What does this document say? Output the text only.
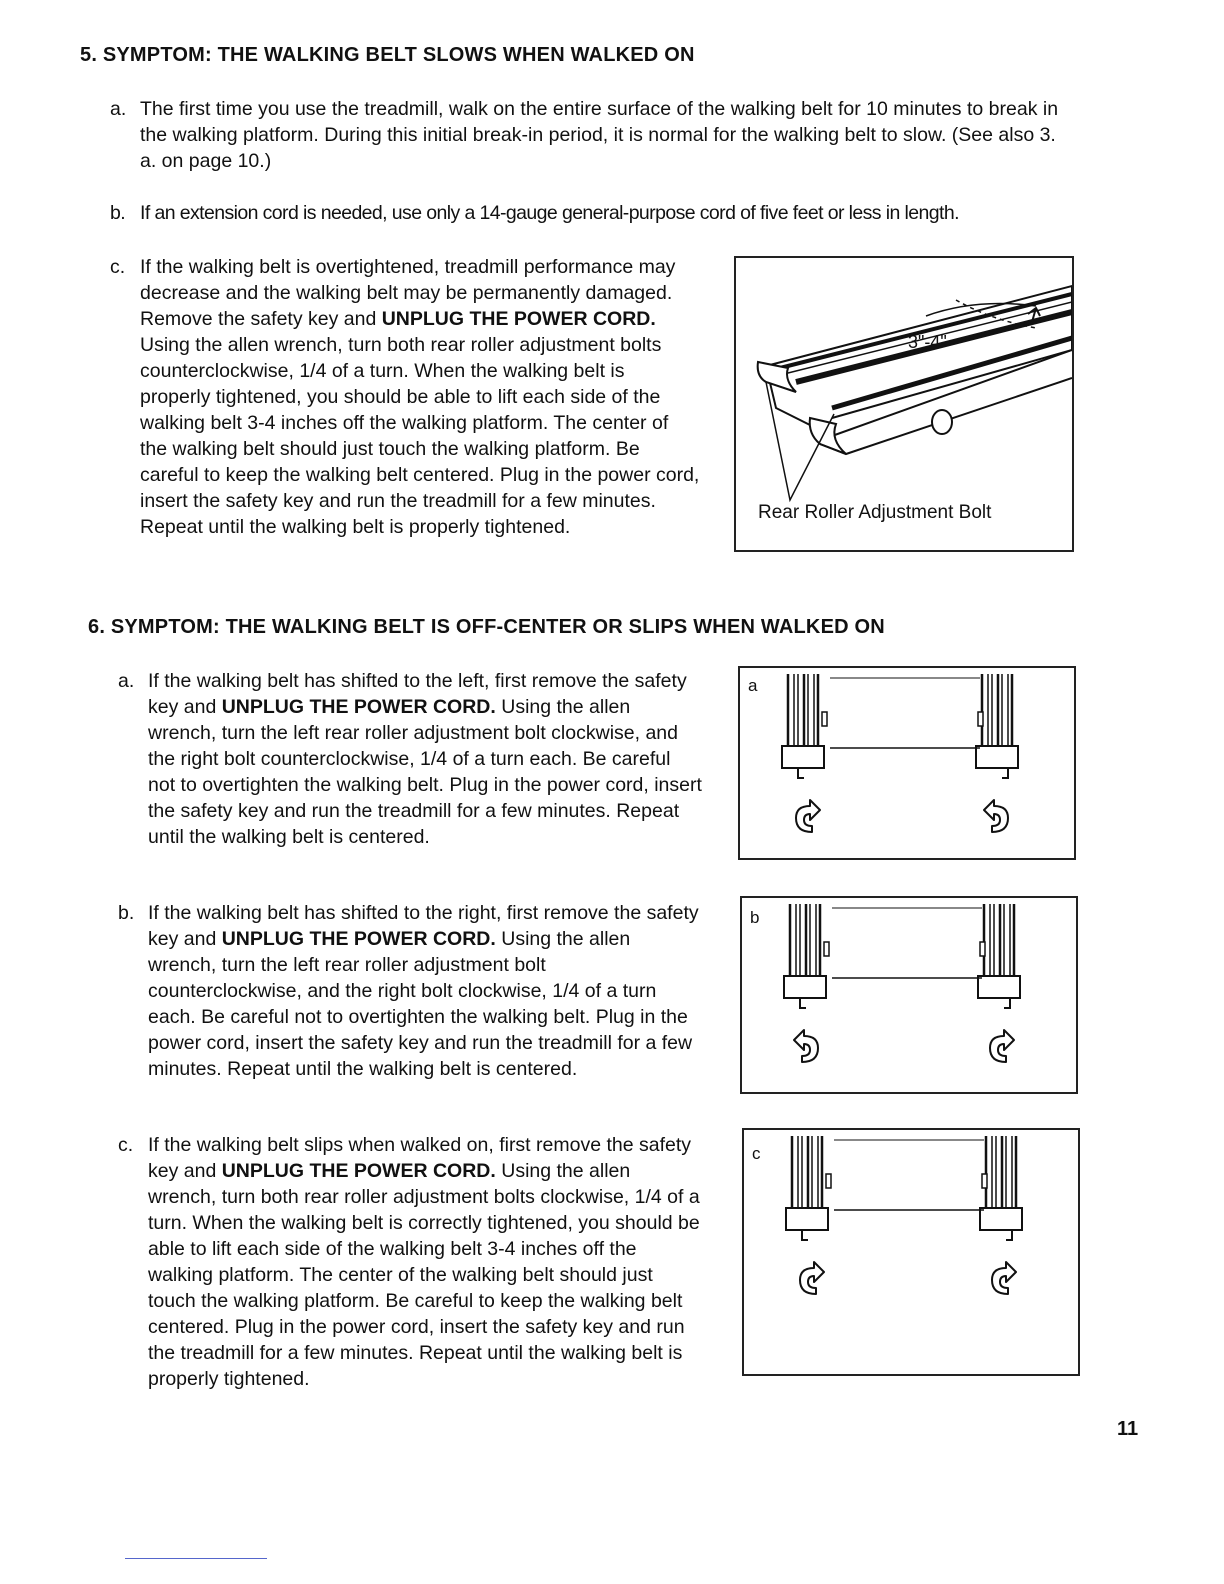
5. SYMPTOM: THE WALKING BELT SLOWS WHEN WALKED ON
a. The first time you use the treadmill, walk on the entire surface of the walking belt for 10 minutes to break in the walking platform. During this initial break-in period, it is normal for the walking belt to slow. (See also 3. a. on page 10.)
b. If an extension cord is needed, use only a 14-gauge general-purpose cord of five feet or less in length.
c. If the walking belt is overtightened, treadmill performance may decrease and the walking belt may be permanently damaged. Remove the safety key and UNPLUG THE POWER CORD. Using the allen wrench, turn both rear roller adjustment bolts counterclockwise, 1/4 of a turn. When the walking belt is properly tightened, you should be able to lift each side of the walking belt 3-4 inches off the walking platform. The center of the walking belt should just touch the walking platform. Be careful to keep the walking belt centered. Plug in the power cord, insert the safety key and run the treadmill for a few minutes. Repeat until the walking belt is properly tightened.
3"-4"
Rear Roller Adjustment Bolt
6. SYMPTOM: THE WALKING BELT IS OFF-CENTER OR SLIPS WHEN WALKED ON
a. If the walking belt has shifted to the left, first remove the safety key and UNPLUG THE POWER CORD. Using the allen wrench, turn the left rear roller adjustment bolt clockwise, and the right bolt counterclockwise, 1/4 of a turn each. Be careful not to overtighten the walking belt. Plug in the power cord, insert the safety key and run the treadmill for a few minutes. Repeat until the walking belt is centered.
b. If the walking belt has shifted to the right, first remove the safety key and UNPLUG THE POWER CORD. Using the allen wrench, turn the left rear roller adjustment bolt counterclockwise, and the right bolt clockwise, 1/4 of a turn each. Be careful not to overtighten the walking belt. Plug in the power cord, insert the safety key and run the treadmill for a few minutes. Repeat until the walking belt is centered.
c. If the walking belt slips when walked on, first remove the safety key and UNPLUG THE POWER CORD. Using the allen wrench, turn both rear roller adjustment bolts clockwise, 1/4 of a turn. When the walking belt is correctly tightened, you should be able to lift each side of the walking belt 3-4 inches off the walking platform. The center of the walking belt should just touch the walking platform. Be careful to keep the walking belt centered. Plug in the power cord, insert the safety key and run the treadmill for a few minutes. Repeat until the walking belt is properly tightened.
a
b
c
11
